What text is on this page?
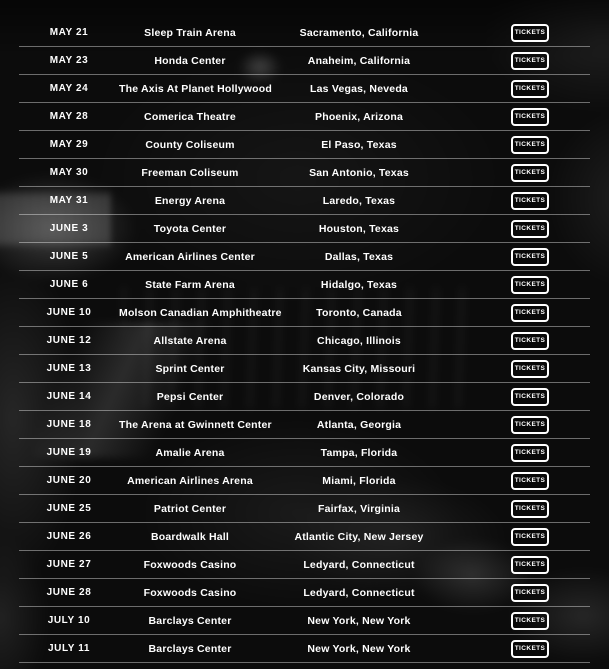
MAY 21	Sleep Train Arena	Sacramento, California	TICKETS
MAY 23	Honda Center	Anaheim, California	TICKETS
MAY 24	The Axis At Planet Hollywood	Las Vegas, Neveda	TICKETS
MAY 28	Comerica Theatre	Phoenix, Arizona	TICKETS
MAY 29	County Coliseum	El Paso, Texas	TICKETS
MAY 30	Freeman Coliseum	San Antonio, Texas	TICKETS
MAY 31	Energy Arena	Laredo, Texas	TICKETS
JUNE 3	Toyota Center	Houston, Texas	TICKETS
JUNE 5	American Airlines Center	Dallas, Texas	TICKETS
JUNE 6	State Farm Arena	Hidalgo, Texas	TICKETS
JUNE 10	Molson Canadian Amphitheatre	Toronto, Canada	TICKETS
JUNE 12	Allstate Arena	Chicago, Illinois	TICKETS
JUNE 13	Sprint Center	Kansas City, Missouri	TICKETS
JUNE 14	Pepsi Center	Denver, Colorado	TICKETS
JUNE 18	The Arena at Gwinnett Center	Atlanta, Georgia	TICKETS
JUNE 19	Amalie Arena	Tampa, Florida	TICKETS
JUNE 20	American Airlines Arena	Miami, Florida	TICKETS
JUNE 25	Patriot Center	Fairfax, Virginia	TICKETS
JUNE 26	Boardwalk Hall	Atlantic City, New Jersey	TICKETS
JUNE 27	Foxwoods Casino	Ledyard, Connecticut	TICKETS
JUNE 28	Foxwoods Casino	Ledyard, Connecticut	TICKETS
JULY 10	Barclays Center	New York, New York	TICKETS
JULY 11	Barclays Center	New York, New York	TICKETS
